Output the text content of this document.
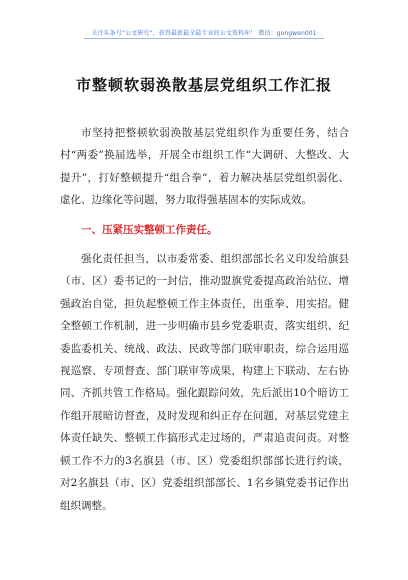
关注头条号“公文研究”，获得最新最全最专业的公文资料库！ 微信：gongwen001
市整顿软弱涣散基层党组织工作汇报

市坚持把整顿软弱涣散基层党组织作为重要任务，结合村“两委”换届选举，开展全市组织工作“大调研、大整改、大提升”，打好整顿提升“组合拳”，着力解决基层党组织弱化、虚化、边缘化等问题，努力取得强基固本的实际成效。

一、压紧压实整顿工作责任。

强化责任担当，以市委常委、组织部部长名义印发给旗县（市、区）委书记的一封信，推动盟旗党委提高政治站位、增强政治自觉，担负起整顿工作主体责任，出重拳、用实招。健全整顿工作机制，进一步明确市县乡党委职责，落实组织、纪委监委机关、统战、政法、民政等部门联审职责，综合运用巡视巡察、专项督查、部门联审等成果，构建上下联动、左右协同、齐抓共管工作格局。强化跟踪问效，先后派出10个暗访工作组开展暗访督查，及时发现和纠正存在问题，对基层党建主体责任缺失、整顿工作搞形式走过场的，严肃追责问责。对整顿工作不力的3名旗县（市、区）党委组织部部长进行约谈，对2名旗县（市、区）党委组织部部长、1名乡镇党委书记作出组织调整。
